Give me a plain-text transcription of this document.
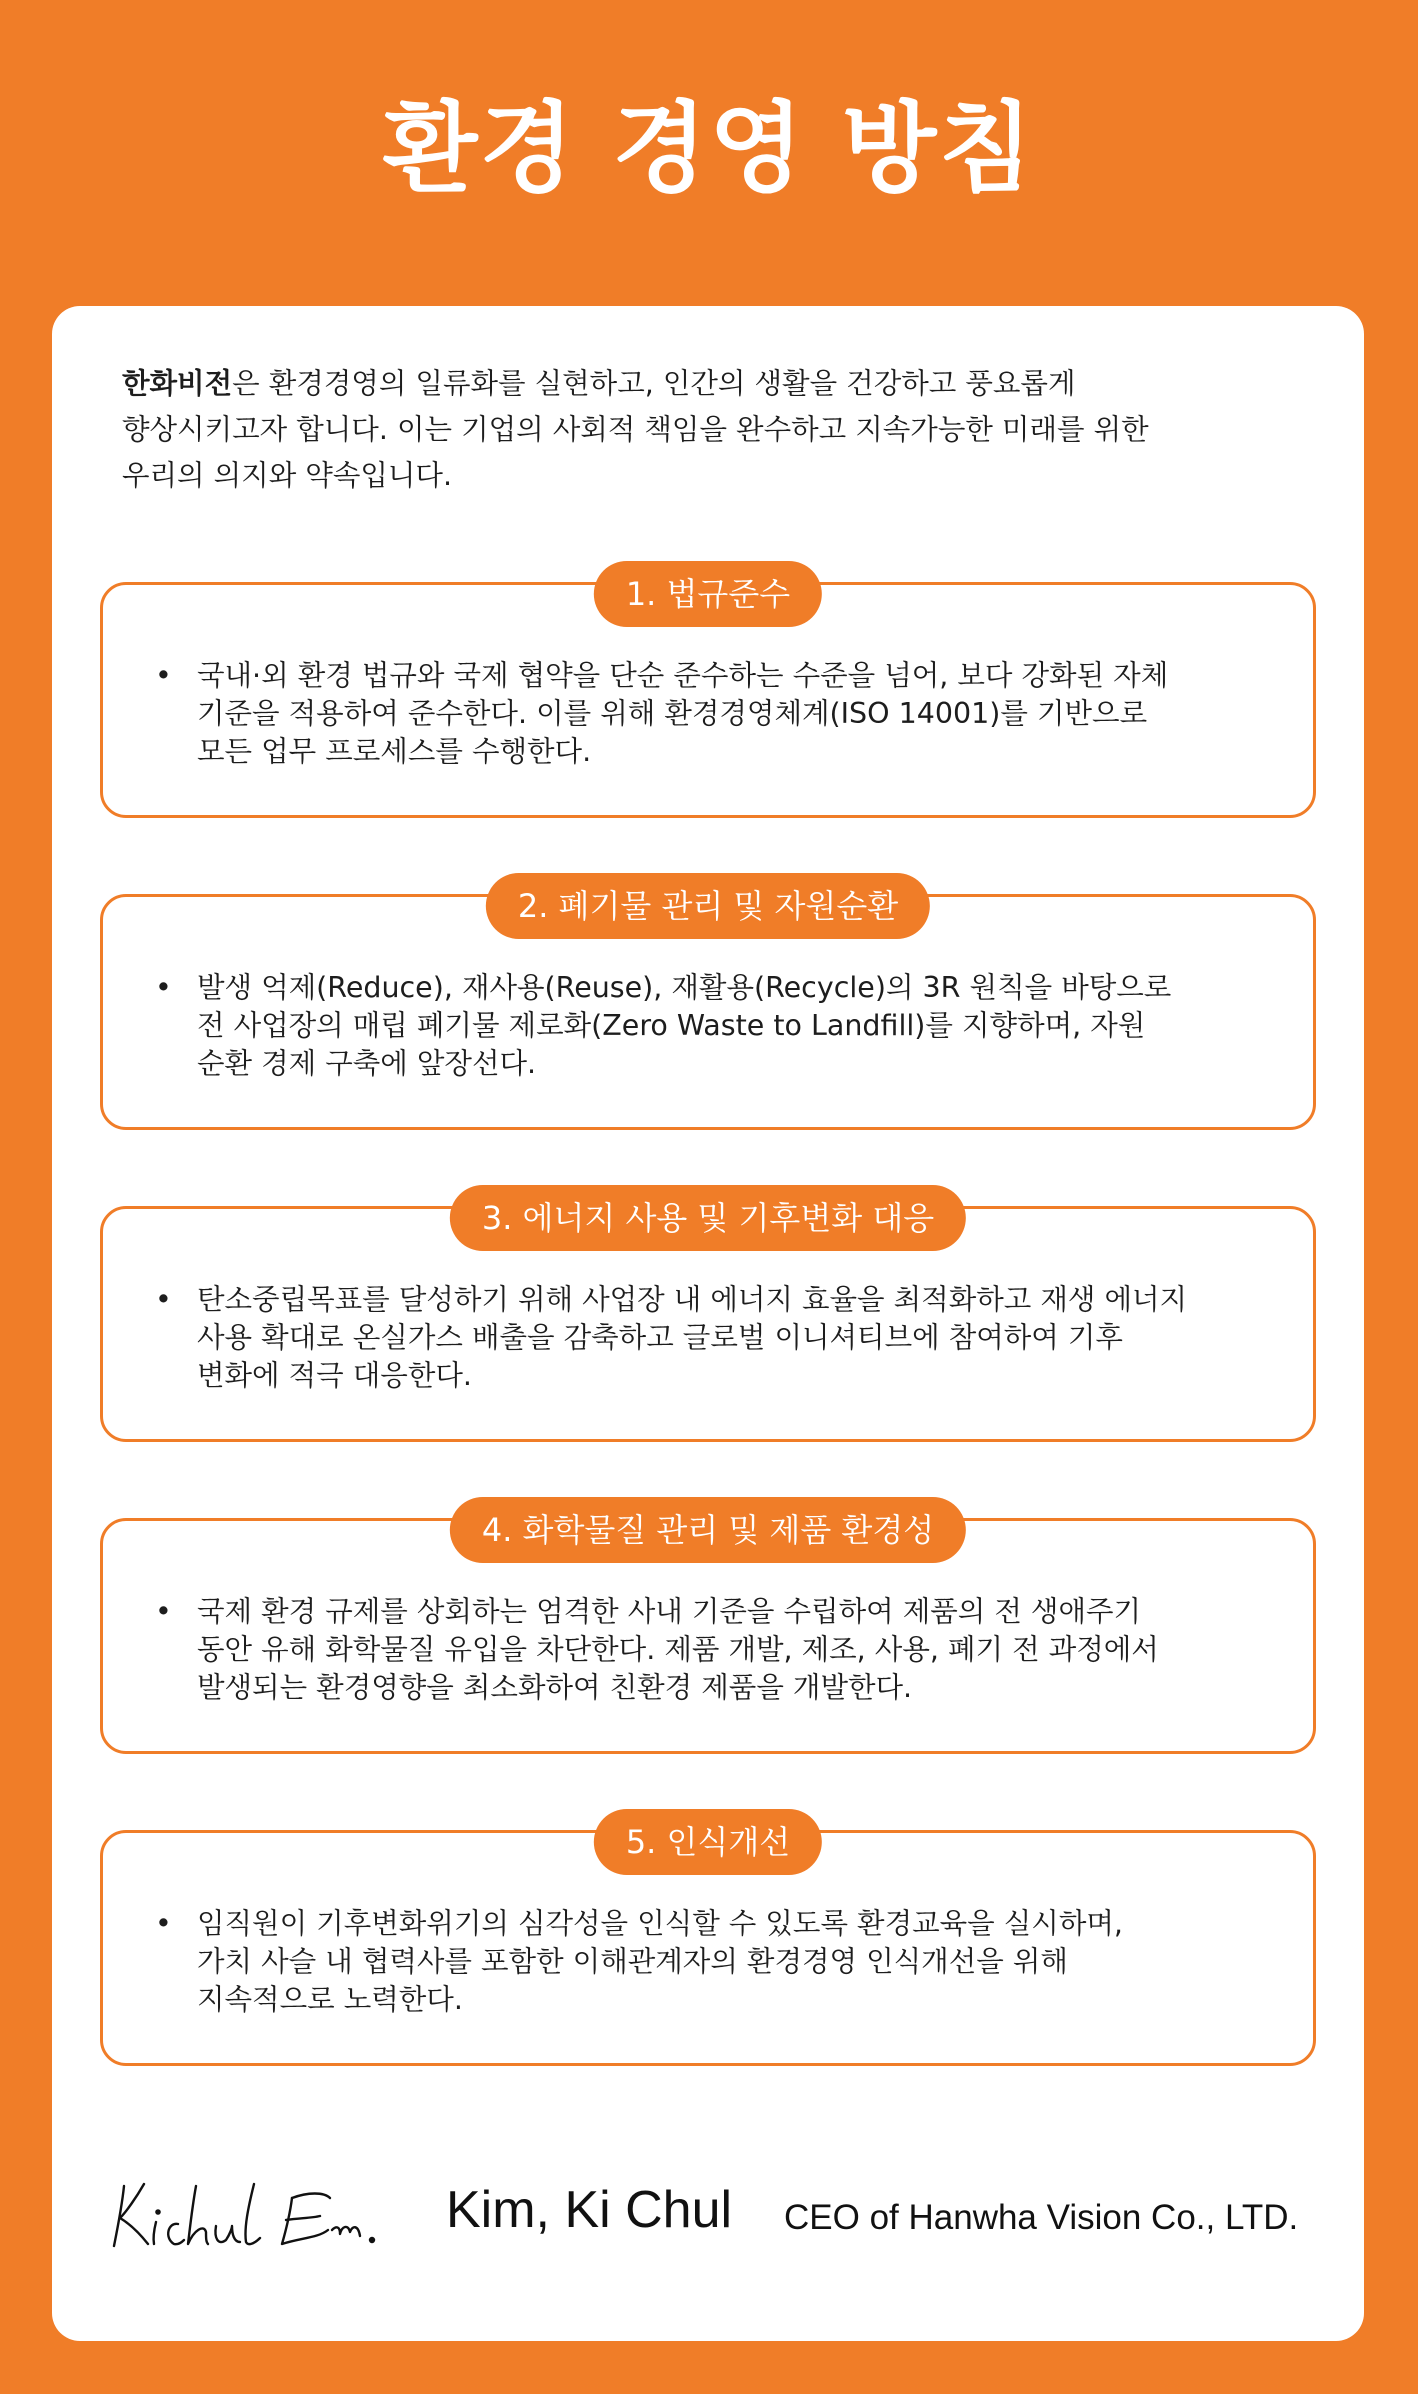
환경 경영 방침
한화비전은 환경경영의 일류화를 실현하고, 인간의 생활을 건강하고 풍요롭게
향상시키고자 합니다. 이는 기업의 사회적 책임을 완수하고 지속가능한 미래를 위한
우리의 의지와 약속입니다.
1. 법규준수
• 국내·외 환경 법규와 국제 협약을 단순 준수하는 수준을 넘어, 보다 강화된 자체
기준을 적용하여 준수한다. 이를 위해 환경경영체계(ISO 14001)를 기반으로
모든 업무 프로세스를 수행한다.
2. 폐기물 관리 및 자원순환
• 발생 억제(Reduce), 재사용(Reuse), 재활용(Recycle)의 3R 원칙을 바탕으로
전 사업장의 매립 폐기물 제로화(Zero Waste to Landfill)를 지향하며, 자원
순환 경제 구축에 앞장선다.
3. 에너지 사용 및 기후변화 대응
• 탄소중립목표를 달성하기 위해 사업장 내 에너지 효율을 최적화하고 재생 에너지
사용 확대로 온실가스 배출을 감축하고 글로벌 이니셔티브에 참여하여 기후
변화에 적극 대응한다.
4. 화학물질 관리 및 제품 환경성
• 국제 환경 규제를 상회하는 엄격한 사내 기준을 수립하여 제품의 전 생애주기
동안 유해 화학물질 유입을 차단한다. 제품 개발, 제조, 사용, 폐기 전 과정에서
발생되는 환경영향을 최소화하여 친환경 제품을 개발한다.
5. 인식개선
• 임직원이 기후변화위기의 심각성을 인식할 수 있도록 환경교육을 실시하며,
가치 사슬 내 협력사를 포함한 이해관계자의 환경경영 인식개선을 위해
지속적으로 노력한다.
Kim, Ki Chul CEO of Hanwha Vision Co., LTD.
